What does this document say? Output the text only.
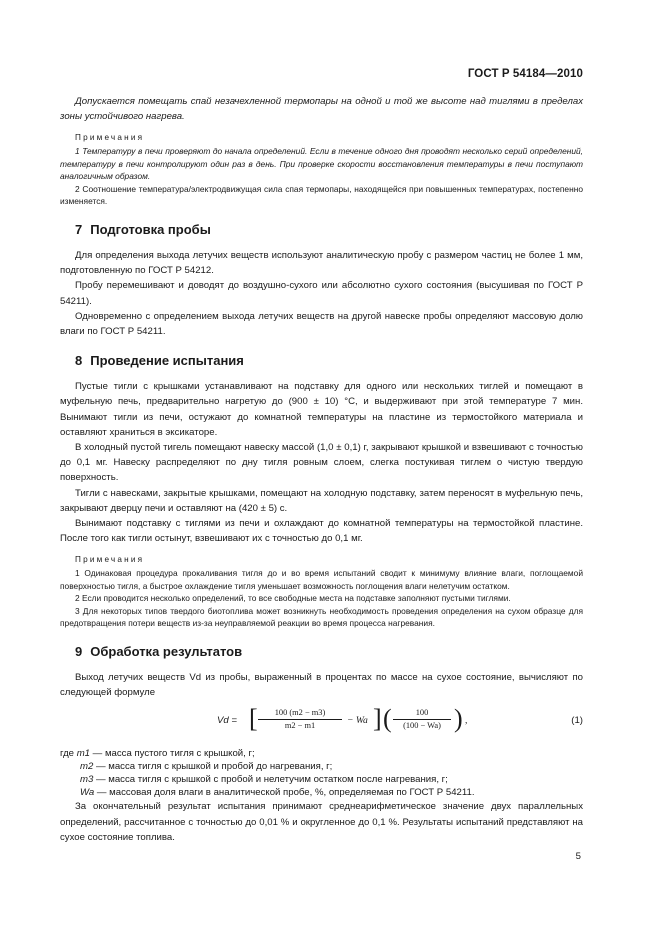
ГОСТ Р 54184—2010

Допускается помещать спай незачехленной термопары на одной и той же высоте над тиглями в пределах зоны устойчивого нагрева.

Примечания

1 Температуру в печи проверяют до начала определений. Если в течение одного дня проводят несколько серий определений, температуру в печи контролируют один раз в день. При проверке скорости восстановления температуры в печи поступают аналогичным образом.

2 Соотношение температура/электродвижущая сила спая термопары, находящейся при повышенных температурах, постепенно изменяется.

7 Подготовка пробы

Для определения выхода летучих веществ используют аналитическую пробу с размером частиц не более 1 мм, подготовленную по ГОСТ Р 54212.

Пробу перемешивают и доводят до воздушно-сухого или абсолютно сухого состояния (высушивая по ГОСТ Р 54211).

Одновременно с определением выхода летучих веществ на другой навеске пробы определяют массовую долю влаги по ГОСТ Р 54211.

8 Проведение испытания

Пустые тигли с крышками устанавливают на подставку для одного или нескольких тиглей и помещают в муфельную печь, предварительно нагретую до (900 ± 10) °С, и выдерживают при этой температуре 7 мин. Вынимают тигли из печи, остужают до комнатной температуры на пластине из термостойкого материала и оставляют храниться в эксикаторе.

В холодный пустой тигель помещают навеску массой (1,0 ± 0,1) г, закрывают крышкой и взвешивают с точностью до 0,1 мг. Навеску распределяют по дну тигля ровным слоем, слегка постукивая тиглем о чистую твердую поверхность.

Тигли с навесками, закрытые крышками, помещают на холодную подставку, затем переносят в муфельную печь, закрывают дверцу печи и оставляют на (420 ± 5) с.

Вынимают подставку с тиглями из печи и охлаждают до комнатной температуры на термостойкой пластине. После того как тигли остынут, взвешивают их с точностью до 0,1 мг.

Примечания

1 Одинаковая процедура прокаливания тигля до и во время испытаний сводит к минимуму влияние влаги, поглощаемой поверхностью тигля, а быстрое охлаждение тигля уменьшает возможность поглощения влаги нелетучим остатком.

2 Если проводится несколько определений, то все свободные места на подставке заполняют пустыми тиглями.

3 Для некоторых типов твердого биотоплива может возникнуть необходимость проведения определения на сухом образце для предотвращения потери веществ из-за неуправляемой реакции во время процесса нагревания.

9 Обработка результатов

Выход летучих веществ Vd из пробы, выраженный в процентах по массе на сухое состояние, вычисляют по следующей формуле

Vd = [	100 (m2 − m3)
m2 − m1	− Wa ] (	100
(100 − Wa) ) ,	(1)
где m1 — масса пустого тигля с крышкой, г;
m2 — масса тигля с крышкой и пробой до нагревания, г;
m3 — масса тигля с крышкой с пробой и нелетучим остатком после нагревания, г;
Wa — массовая доля влаги в аналитической пробе, %, определяемая по ГОСТ Р 54211.

За окончательный результат испытания принимают среднеарифметическое значение двух параллельных определений, рассчитанное с точностью до 0,01 % и округленное до 0,1 %. Результаты испытаний представляют на сухое состояние топлива.

5
